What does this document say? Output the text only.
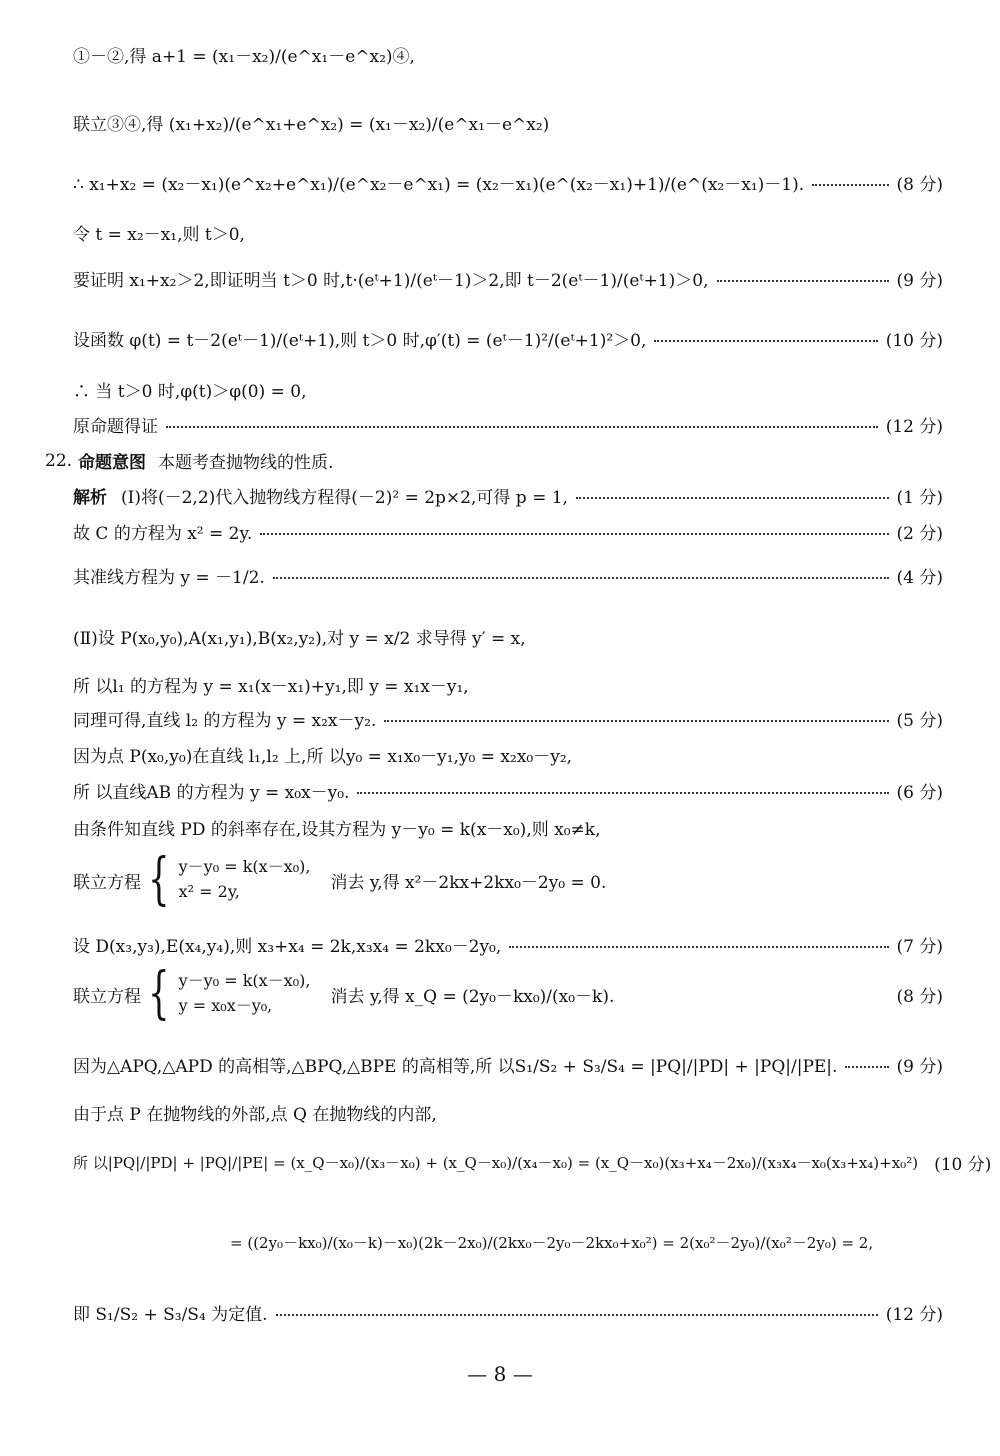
①－②,得 a+1 = (x₁－x₂)/(e^x₁－e^x₂)④,
联立③④,得 (x₁+x₂)/(e^x₁+e^x₂) = (x₁－x₂)/(e^x₁－e^x₂)
∴ x₁+x₂ = (x₂－x₁)(e^x₂+e^x₁)/(e^x₂－e^x₁) = (x₂－x₁)(e^(x₂－x₁)+1)/(e^(x₂－x₁)－1).	(8 分)
令 t = x₂－x₁,则 t＞0,
要证明 x₁+x₂＞2,即证明当 t＞0 时,t·(eᵗ+1)/(eᵗ－1)＞2,即 t－2(eᵗ－1)/(eᵗ+1)＞0,	(9 分)
设函数 φ(t) = t－2(eᵗ－1)/(eᵗ+1),则 t＞0 时,φ′(t) = (eᵗ－1)²/(eᵗ+1)²＞0,	(10 分)
∴ 当 t＞0 时,φ(t)＞φ(0) = 0,
原命题得证	(12 分)
22. 命题意图 本题考查抛物线的性质.
解析 (Ⅰ)将(－2,2)代入抛物线方程得(－2)² = 2p×2,可得 p = 1,	(1 分)
故 C 的方程为 x² = 2y.	(2 分)
其准线方程为 y = －1/2.	(4 分)
(Ⅱ)设 P(x₀,y₀),A(x₁,y₁),B(x₂,y₂),对 y = x/2 求导得 y′ = x,
所 以l₁ 的方程为 y = x₁(x－x₁)+y₁,即 y = x₁x－y₁,
同理可得,直线 l₂ 的方程为 y = x₂x－y₂.	(5 分)
因为点 P(x₀,y₀)在直线 l₁,l₂ 上,所 以y₀ = x₁x₀－y₁,y₀ = x₂x₀－y₂,
所 以直线AB 的方程为 y = x₀x－y₀.	(6 分)
由条件知直线 PD 的斜率存在,设其方程为 y－y₀ = k(x－x₀),则 x₀≠k,
联立方程 { y－y₀ = k(x－x₀),
x² = 2y,	消去 y,得 x²－2kx+2kx₀－2y₀ = 0.
设 D(x₃,y₃),E(x₄,y₄),则 x₃+x₄ = 2k,x₃x₄ = 2kx₀－2y₀,	(7 分)
联立方程 { y－y₀ = k(x－x₀),
y = x₀x－y₀,	消去 y,得 x_Q = (2y₀－kx₀)/(x₀－k).	(8 分)
因为△APQ,△APD 的高相等,△BPQ,△BPE 的高相等,所 以S₁/S₂ + S₃/S₄ = |PQ|/|PD| + |PQ|/|PE|.	(9 分)
由于点 P 在抛物线的外部,点 Q 在抛物线的内部,
所 以|PQ|/|PD| + |PQ|/|PE| = (x_Q－x₀)/(x₃－x₀) + (x_Q－x₀)/(x₄－x₀) = (x_Q－x₀)(x₃+x₄－2x₀)/(x₃x₄－x₀(x₃+x₄)+x₀²) (10 分)
= ((2y₀－kx₀)/(x₀－k)－x₀)(2k－2x₀)/(2kx₀－2y₀－2kx₀+x₀²) = 2(x₀²－2y₀)/(x₀²－2y₀) = 2,
即 S₁/S₂ + S₃/S₄ 为定值.	(12 分)
— 8 —
